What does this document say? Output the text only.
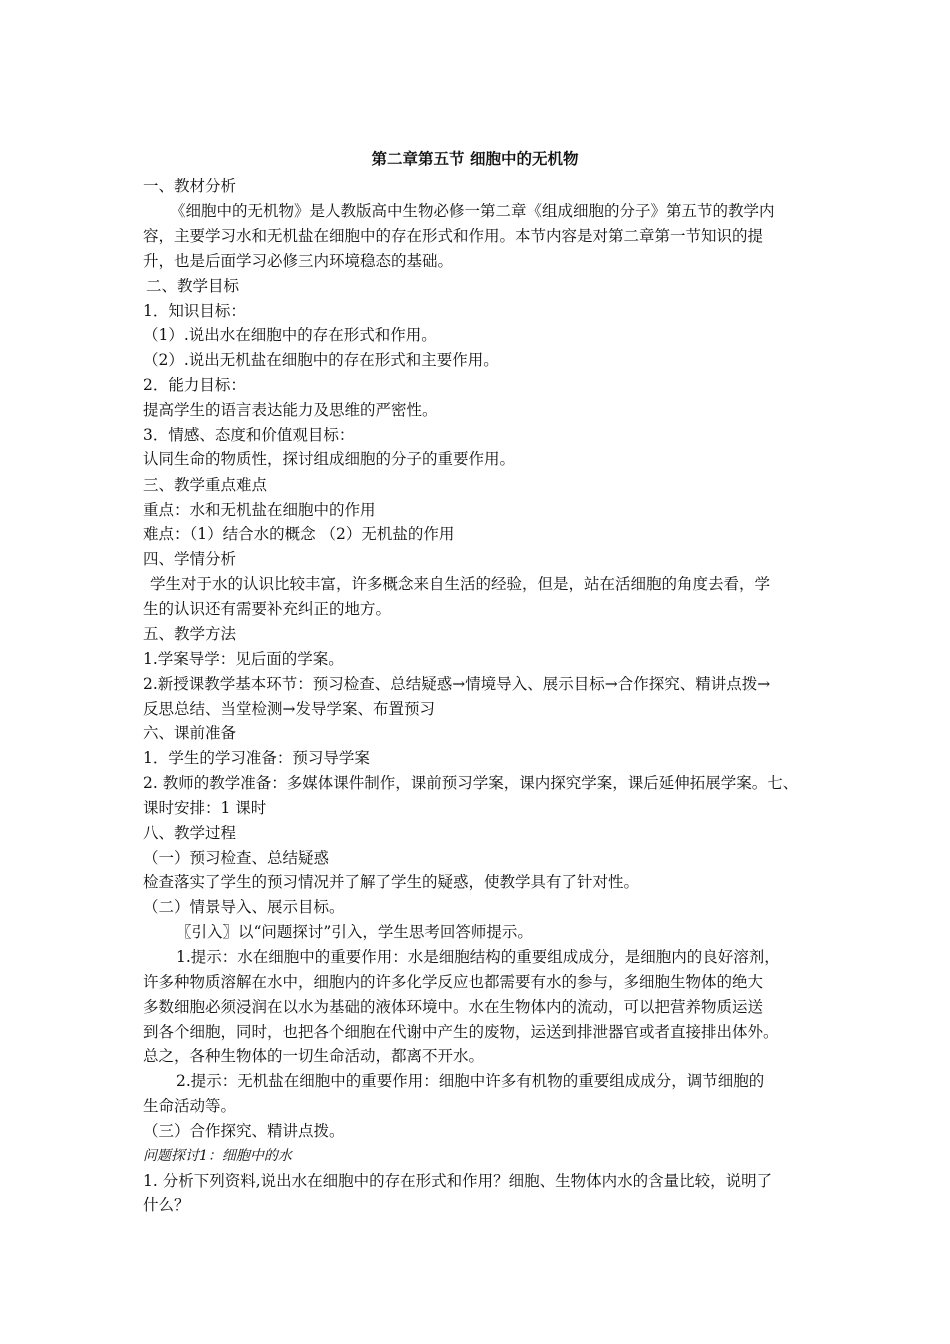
第二章第五节 细胞中的无机物
一、教材分析
《细胞中的无机物》是人教版高中生物必修一第二章《组成细胞的分子》第五节的教学内
容，主要学习水和无机盐在细胞中的存在形式和作用。本节内容是对第二章第一节知识的提
升，也是后面学习必修三内环境稳态的基础。
二、教学目标
1．知识目标：
（1）.说出水在细胞中的存在形式和作用。
（2）.说出无机盐在细胞中的存在形式和主要作用。
2．能力目标：
提高学生的语言表达能力及思维的严密性。
3．情感、态度和价值观目标：
认同生命的物质性，探讨组成细胞的分子的重要作用。
三、教学重点难点
重点：水和无机盐在细胞中的作用
难点：（1）结合水的概念 （2）无机盐的作用
四、学情分析
学生对于水的认识比较丰富，许多概念来自生活的经验，但是，站在活细胞的角度去看，学
生的认识还有需要补充纠正的地方。
五、教学方法
1.学案导学：见后面的学案。
2.新授课教学基本环节：预习检查、总结疑惑→情境导入、展示目标→合作探究、精讲点拨→
反思总结、当堂检测→发导学案、布置预习
六、课前准备
1．学生的学习准备：预习导学案
2. 教师的教学准备：多媒体课件制作，课前预习学案，课内探究学案，课后延伸拓展学案。七、
课时安排：1 课时
八、教学过程
（一）预习检查、总结疑惑
检查落实了学生的预习情况并了解了学生的疑惑，使教学具有了针对性。
（二）情景导入、展示目标。
〖引入〗以“问题探讨”引入，学生思考回答师提示。
1.提示：水在细胞中的重要作用：水是细胞结构的重要组成成分，是细胞内的良好溶剂，
许多种物质溶解在水中，细胞内的许多化学反应也都需要有水的参与，多细胞生物体的绝大
多数细胞必须浸润在以水为基础的液体环境中。水在生物体内的流动，可以把营养物质运送
到各个细胞，同时，也把各个细胞在代谢中产生的废物，运送到排泄器官或者直接排出体外。
总之，各种生物体的一切生命活动，都离不开水。
2.提示：无机盐在细胞中的重要作用：细胞中许多有机物的重要组成成分，调节细胞的
生命活动等。
（三）合作探究、精讲点拨。
问题探讨1：细胞中的水
1. 分析下列资料,说出水在细胞中的存在形式和作用？细胞、生物体内水的含量比较，说明了
什么？
